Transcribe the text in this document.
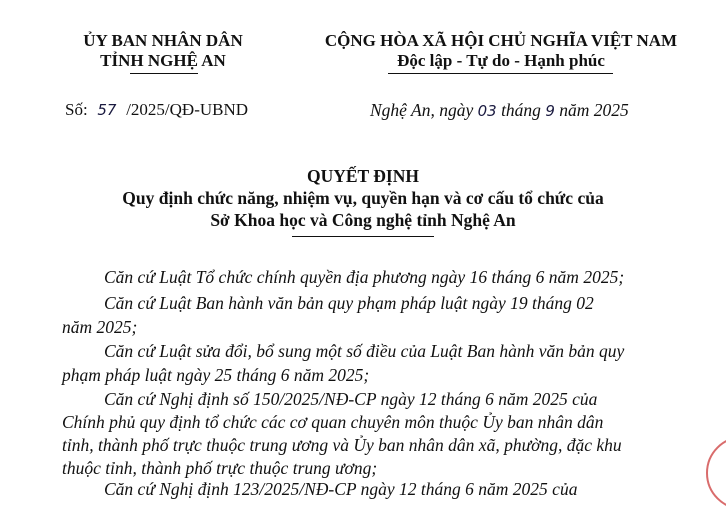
ỦY BAN NHÂN DÂN
TỈNH NGHỆ AN
CỘNG HÒA XÃ HỘI CHỦ NGHĨA VIỆT NAM
Độc lập - Tự do - Hạnh phúc
Số: 57 /2025/QĐ-UBND	Nghệ An, ngày 03 tháng 9 năm 2025
QUYẾT ĐỊNH
Quy định chức năng, nhiệm vụ, quyền hạn và cơ cấu tổ chức của
Sở Khoa học và Công nghệ tỉnh Nghệ An
Căn cứ Luật Tổ chức chính quyền địa phương ngày 16 tháng 6 năm 2025;
Căn cứ Luật Ban hành văn bản quy phạm pháp luật ngày 19 tháng 02
năm 2025;
Căn cứ Luật sửa đổi, bổ sung một số điều của Luật Ban hành văn bản quy
phạm pháp luật ngày 25 tháng 6 năm 2025;
Căn cứ Nghị định số 150/2025/NĐ-CP ngày 12 tháng 6 năm 2025 của
Chính phủ quy định tổ chức các cơ quan chuyên môn thuộc Ủy ban nhân dân
tỉnh, thành phố trực thuộc trung ương và Ủy ban nhân dân xã, phường, đặc khu
thuộc tỉnh, thành phố trực thuộc trung ương;
Căn cứ Nghị định 123/2025/NĐ-CP ngày 12 tháng 6 năm 2025 của
